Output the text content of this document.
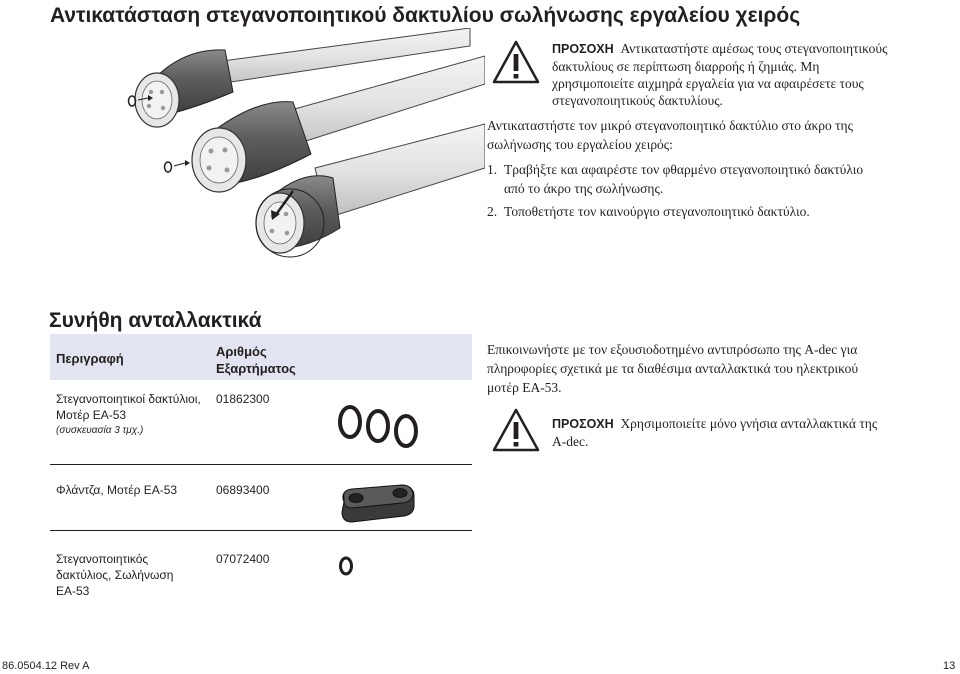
Αντικατάσταση στεγανοποιητικού δακτυλίου σωλήνωσης εργαλείου χειρός
ΠΡΟΣΟΧΗ Αντικαταστήστε αμέσως τους στεγανοποιητικούς
δακτυλίους σε περίπτωση διαρροής ή ζημιάς. Μη
χρησιμοποιείτε αιχμηρά εργαλεία για να αφαιρέσετε τους
στεγανοποιητικούς δακτυλίους.
Αντικαταστήστε τον μικρό στεγανοποιητικό δακτύλιο στο άκρο της
σωλήνωσης του εργαλείου χειρός:
1. Τραβήξτε και αφαιρέστε τον φθαρμένο στεγανοποιητικό δακτύλιο
από το άκρο της σωλήνωσης.
2. Τοποθετήστε τον καινούργιο στεγανοποιητικό δακτύλιο.
Συνήθη ανταλλακτικά
Περιγραφή	Αριθμός
Εξαρτήματος
Στεγανοποιητικοί δακτύλιοι,
Μοτέρ EA-53
(συσκευασία 3 τμχ.)
01862300
Φλάντζα, Μοτέρ EA-53	06893400
Στεγανοποιητικός
δακτύλιος, Σωλήνωση
EA-53
07072400
Επικοινωνήστε με τον εξουσιοδοτημένο αντιπρόσωπο της A-dec για
πληροφορίες σχετικά με τα διαθέσιμα ανταλλακτικά του ηλεκτρικού
μοτέρ EA-53.
ΠΡΟΣΟΧΗ Χρησιμοποιείτε μόνο γνήσια ανταλλακτικά της
A-dec.
86.0504.12 Rev A	13
